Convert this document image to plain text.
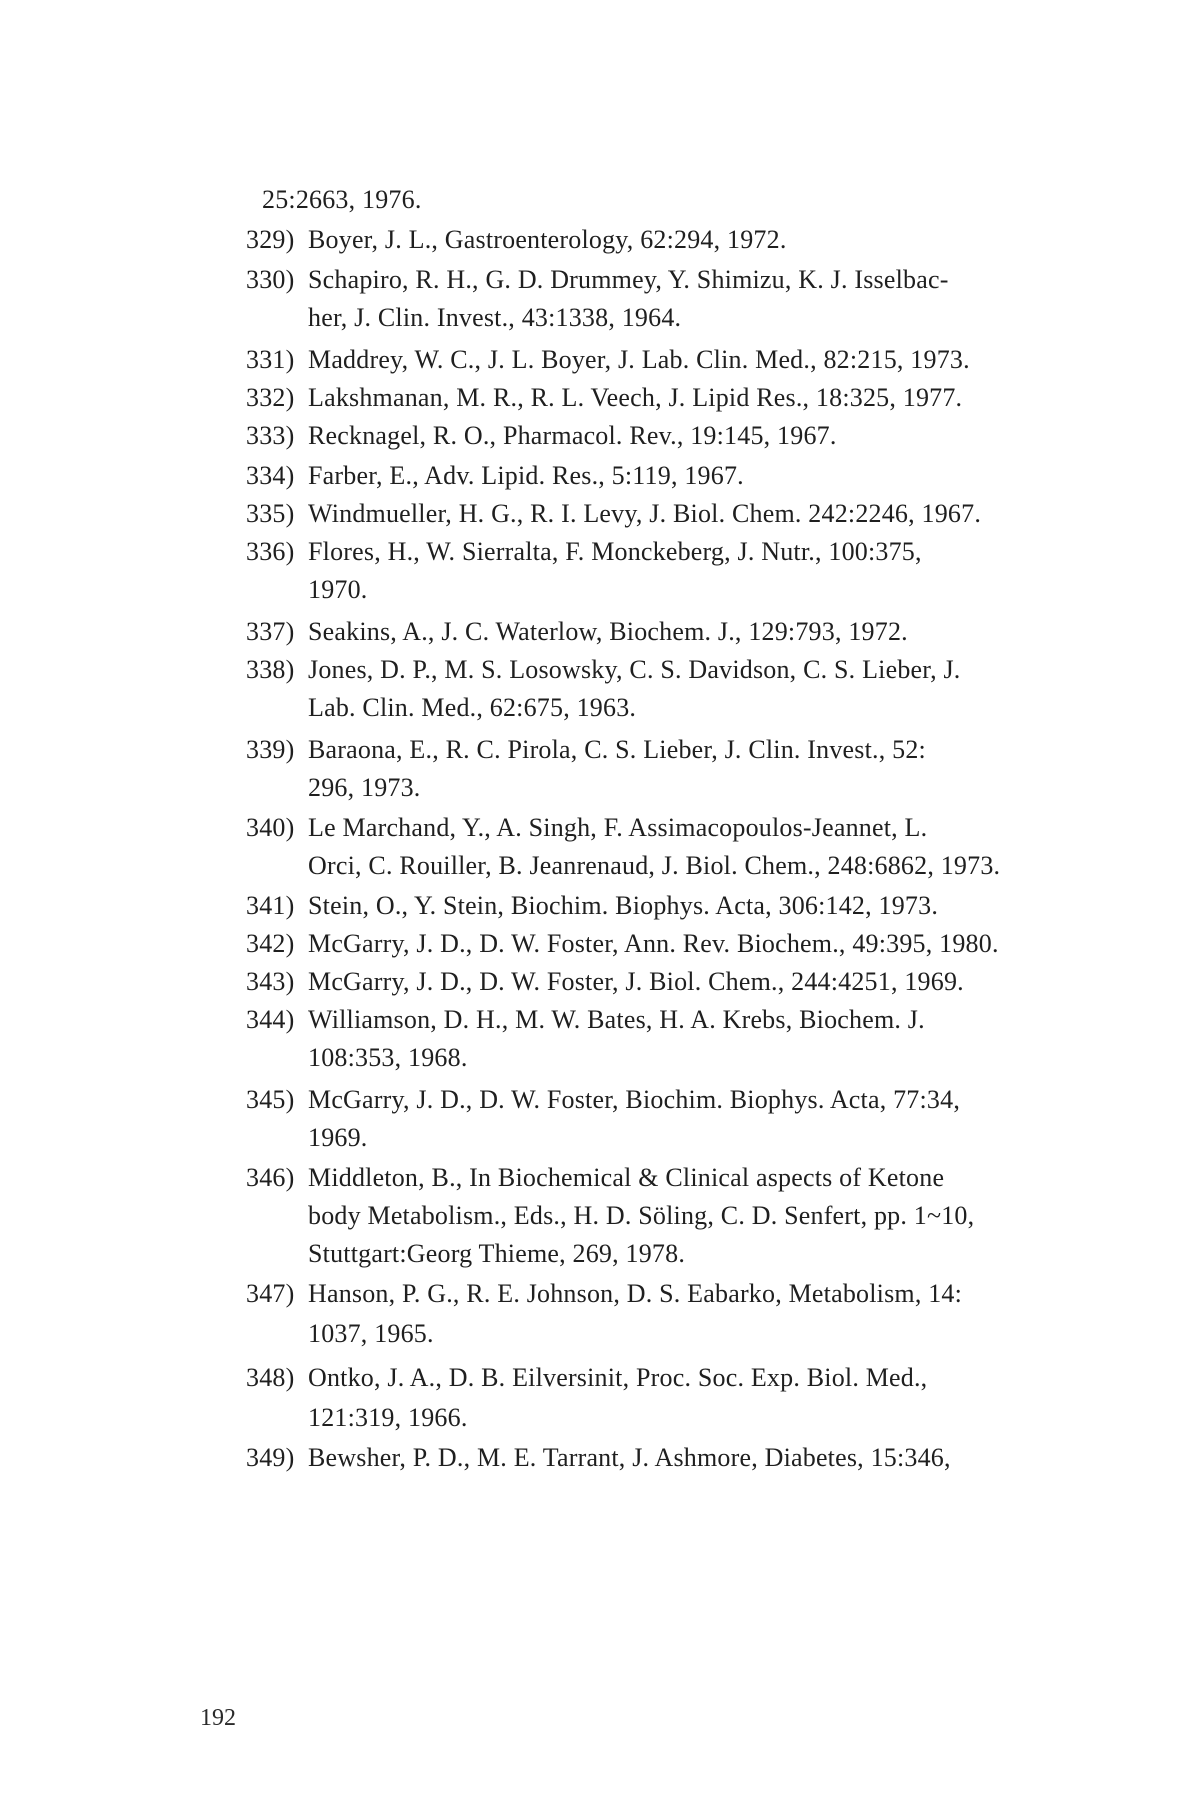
25:2663, 1976.
329) Boyer, J. L., Gastroenterology, 62:294, 1972.
330) Schapiro, R. H., G. D. Drummey, Y. Shimizu, K. J. Isselbac-
her, J. Clin. Invest., 43:1338, 1964.
331) Maddrey, W. C., J. L. Boyer, J. Lab. Clin. Med., 82:215, 1973.
332) Lakshmanan, M. R., R. L. Veech, J. Lipid Res., 18:325, 1977.
333) Recknagel, R. O., Pharmacol. Rev., 19:145, 1967.
334) Farber, E., Adv. Lipid. Res., 5:119, 1967.
335) Windmueller, H. G., R. I. Levy, J. Biol. Chem. 242:2246, 1967.
336) Flores, H., W. Sierralta, F. Monckeberg, J. Nutr., 100:375,
1970.
337) Seakins, A., J. C. Waterlow, Biochem. J., 129:793, 1972.
338) Jones, D. P., M. S. Losowsky, C. S. Davidson, C. S. Lieber, J.
Lab. Clin. Med., 62:675, 1963.
339) Baraona, E., R. C. Pirola, C. S. Lieber, J. Clin. Invest., 52:
296, 1973.
340) Le Marchand, Y., A. Singh, F. Assimacopoulos-Jeannet, L.
Orci, C. Rouiller, B. Jeanrenaud, J. Biol. Chem., 248:6862, 1973.
341) Stein, O., Y. Stein, Biochim. Biophys. Acta, 306:142, 1973.
342) McGarry, J. D., D. W. Foster, Ann. Rev. Biochem., 49:395, 1980.
343) McGarry, J. D., D. W. Foster, J. Biol. Chem., 244:4251, 1969.
344) Williamson, D. H., M. W. Bates, H. A. Krebs, Biochem. J.
108:353, 1968.
345) McGarry, J. D., D. W. Foster, Biochim. Biophys. Acta, 77:34,
1969.
346) Middleton, B., In Biochemical & Clinical aspects of Ketone
body Metabolism., Eds., H. D. Söling, C. D. Senfert, pp. 1~10,
Stuttgart:Georg Thieme, 269, 1978.
347) Hanson, P. G., R. E. Johnson, D. S. Eabarko, Metabolism, 14:
1037, 1965.
348) Ontko, J. A., D. B. Eilversinit, Proc. Soc. Exp. Biol. Med.,
121:319, 1966.
349) Bewsher, P. D., M. E. Tarrant, J. Ashmore, Diabetes, 15:346,
192
